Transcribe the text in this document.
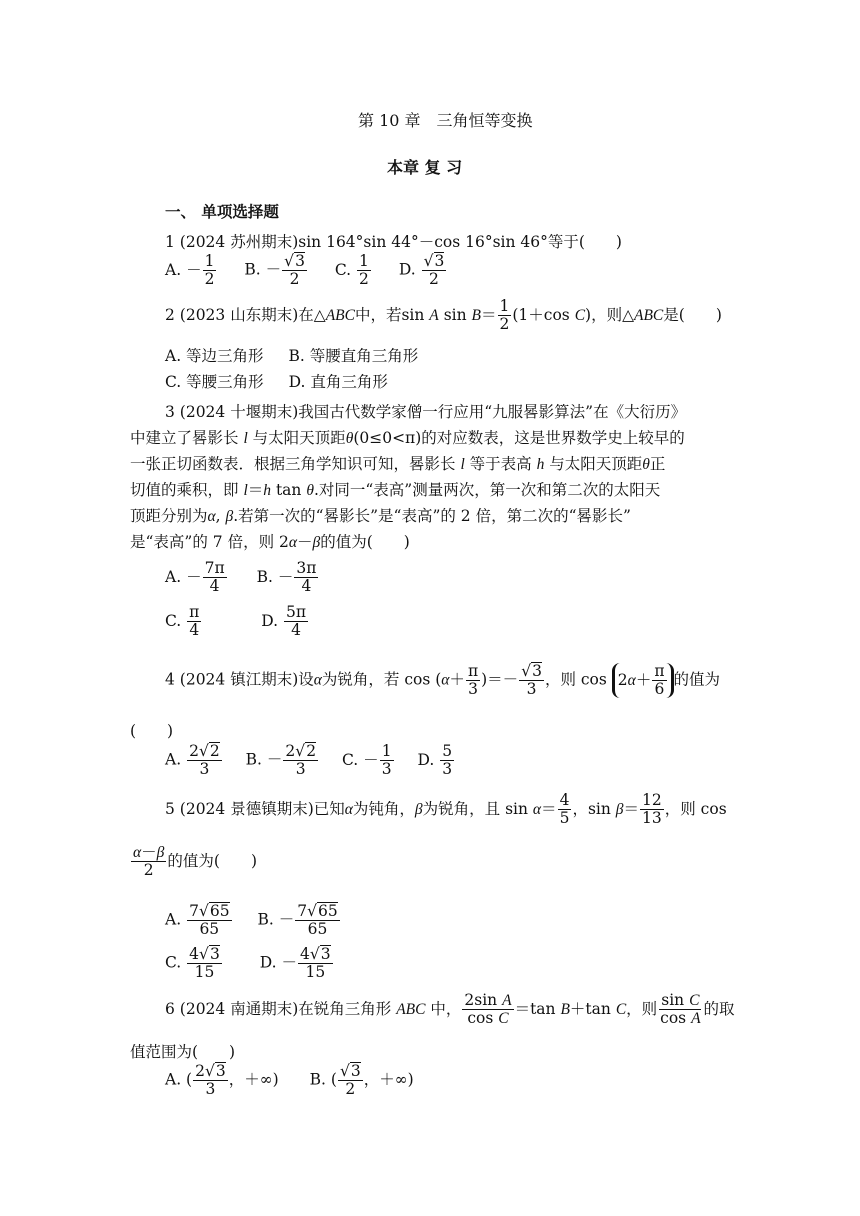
第 10 章　三角恒等变换
本章 复 习
一、 单项选择题
1 (2024 苏州期末)sin 164°sin 44°－cos 16°sin 46°等于(　　)
A. － $\frac{1}{2} B$. － $\frac{√3}{2} C$. $\frac{1}{2} D$. $\frac{√3}{2}$
2 (2023 山东期末)在△ABC中，若sin A $\sin B= \frac{1}{2} (1+\cos$ C)，则△ABC是(　　)
A. 等边三角形 B. 等腰直角三角形
C. 等腰三角形 D. 直角三角形
3 (2024 十堰期末)我国古代数学家僧一行应用“九服晷影算法”在《大衍历》
中建立了晷影长 l 与太阳天顶距θ(0≤0<π)的对应数表，这是世界数学史上较早的
一张正切函数表．根据三角学知识可知，晷影长 l 等于表高 h 与太阳天顶距θ正
切值的乘积，即 l＝h tan θ.对同一“表高”测量两次，第一次和第二次的太阳天
顶距分别为α, β.若第一次的“晷影长”是“表高”的 2 倍，第二次的“晷影长”
是“表高”的 7 倍，则 2α－β的值为(　　)
A. － $\frac{7\pi}{4} B$. － $\frac{3\pi}{4}$
C. $\frac{\pi}{4}$	D. $\frac{5\pi}{4}$
4 (2024 镇江期末)设α为锐角，若 $\cos (\alpha+ \frac{\pi}{3}$ )＝－ $\frac{√3}{3}$ ，则 $\cos 2\alpha+ \frac{\pi}{6}$ 的值为
(　　)
A. $\frac{2√2}{3} B$. － $\frac{2√2}{3} C$. － $\frac{1}{3} D$. $\frac{5}{3}$
5 (2024 景德镇期末)已知α为钝角，β为锐角，且 $\sin \alpha= \frac{4}{5}$ ，$\sin \beta= \frac{12}{13}$ ，则 cos
$\frac{\alpha-\beta}{2}$ 的值为(　　)
A. $\frac{7√65}{65} B$. － $\frac{7√65}{65}$
C. $\frac{4√3}{15} D$. － $\frac{4√3}{15}$
6 (2024 南通期末)在锐角三角形 ABC 中， $\frac{\text{2sin A}}{\text{cos C}} =\tan$ B＋tan C，则 $\frac{\text{sin C}}{\text{cos A}}$ 的取
值范围为(　　)
A. ( $\frac{2√3}{3}$ ，＋∞) B. ( $\frac{√3}{2}$ ，＋∞)
